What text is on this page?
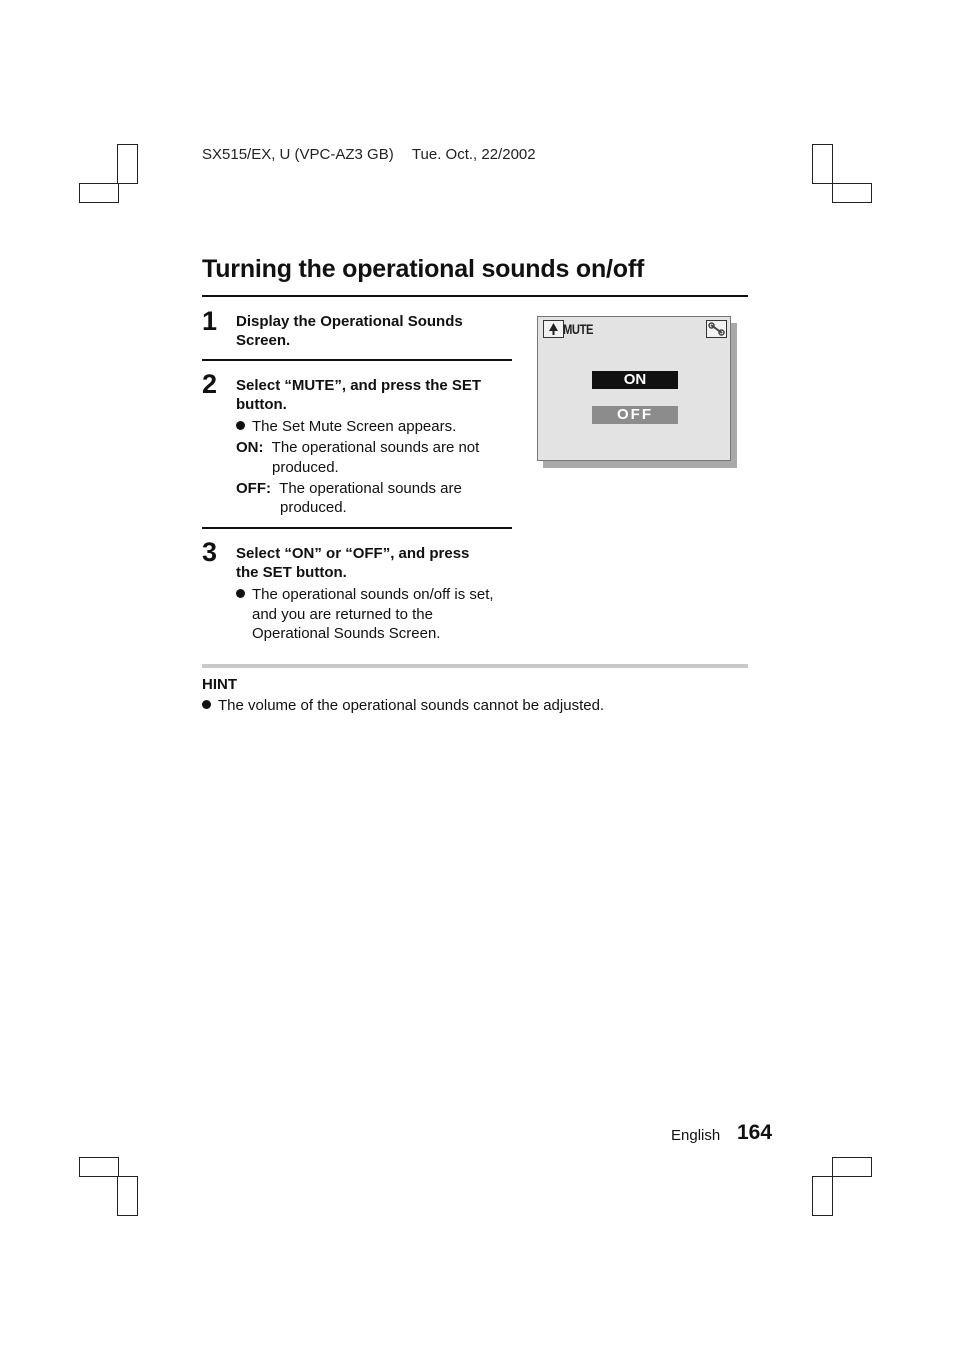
SX515/EX, U (VPC-AZ3 GB) Tue. Oct., 22/2002
Turning the operational sounds on/off
1 Display the Operational Sounds
Screen.
2 Select “MUTE”, and press the SET
button.
The Set Mute Screen appears.
ON: The operational sounds are not
produced.
OFF: The operational sounds are
produced.
3 Select “ON” or “OFF”, and press
the SET button.
The operational sounds on/off is set,
and you are returned to the
Operational Sounds Screen.
MUTE
ON
OFF
HINT
The volume of the operational sounds cannot be adjusted.
English 164
